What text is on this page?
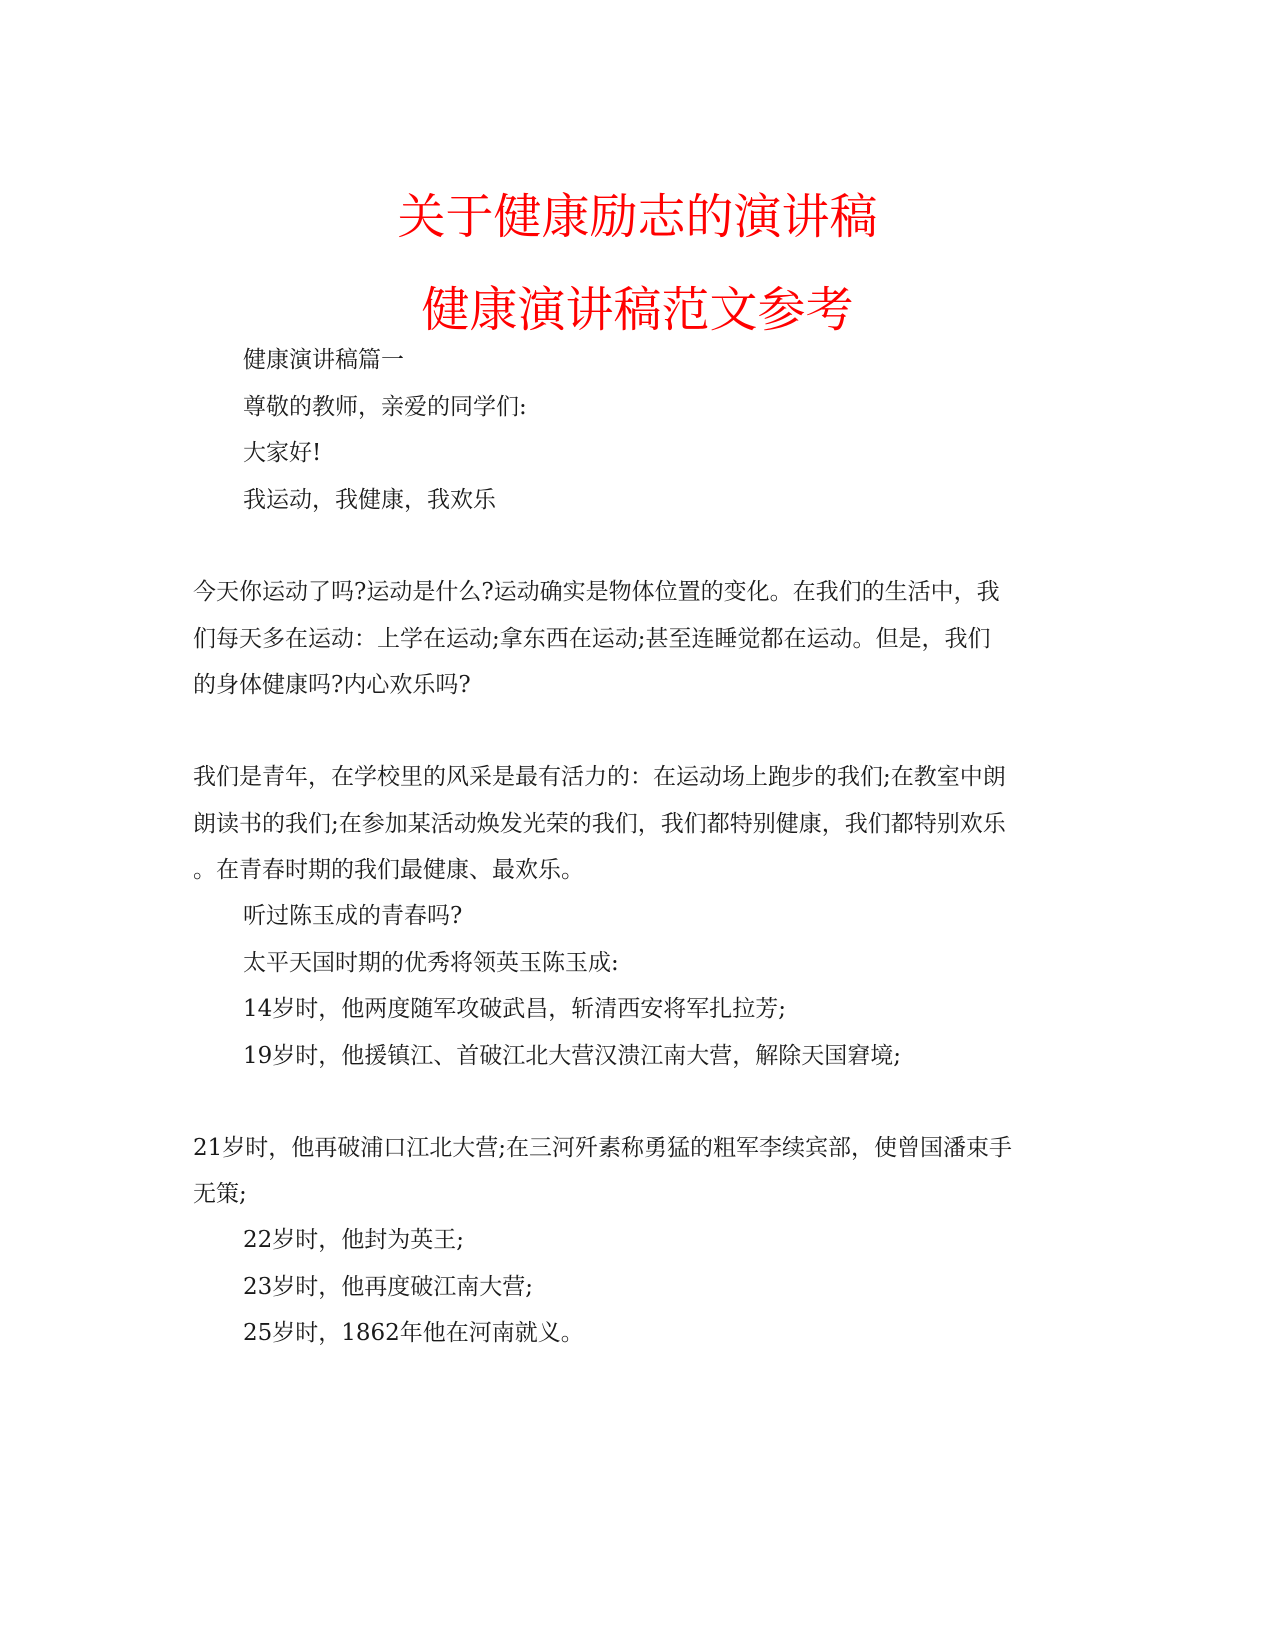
关于健康励志的演讲稿
健康演讲稿范文参考

健康演讲稿篇一

尊敬的教师，亲爱的同学们:

大家好!

我运动，我健康，我欢乐

今天你运动了吗?运动是什么?运动确实是物体位置的变化。在我们的生活中，我

们每天多在运动：上学在运动;拿东西在运动;甚至连睡觉都在运动。但是，我们

的身体健康吗?内心欢乐吗?

我们是青年，在学校里的风采是最有活力的：在运动场上跑步的我们;在教室中朗

朗读书的我们;在参加某活动焕发光荣的我们，我们都特别健康，我们都特别欢乐

。在青春时期的我们最健康、最欢乐。

听过陈玉成的青春吗?

太平天国时期的优秀将领英玉陈玉成:

14岁时，他两度随军攻破武昌，斩清西安将军扎拉芳;

19岁时，他援镇江、首破江北大营汉溃江南大营，解除天国窘境;

21岁时，他再破浦口江北大营;在三河歼素称勇猛的粗军李续宾部，使曾国潘束手

无策;

22岁时，他封为英王;

23岁时，他再度破江南大营;

25岁时，1862年他在河南就义。
